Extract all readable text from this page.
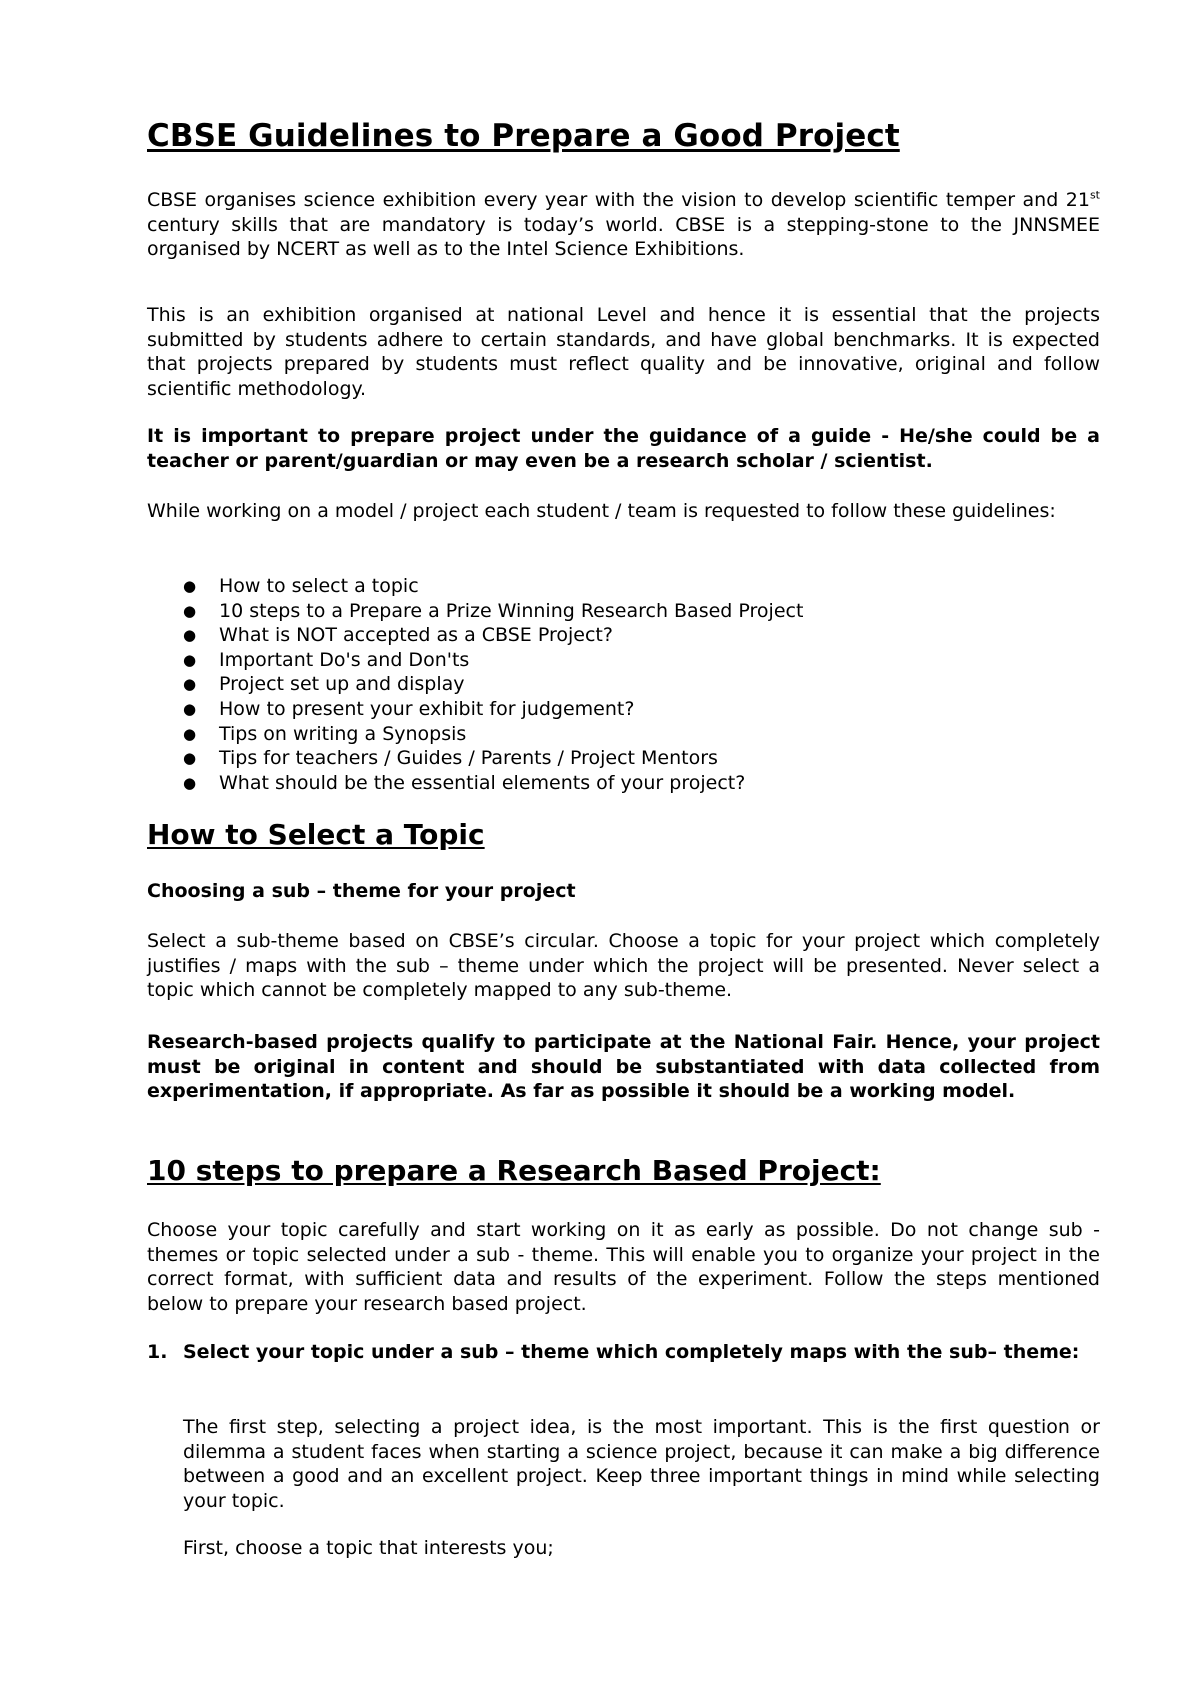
CBSE Guidelines to Prepare a Good Project

CBSE organises science exhibition every year with the vision to develop scientific temper and 21st century skills that are mandatory is today’s world. CBSE is a stepping-stone to the JNNSMEE organised by NCERT as well as to the Intel Science Exhibitions.

This is an exhibition organised at national Level and hence it is essential that the projects submitted by students adhere to certain standards, and have global benchmarks. It is expected that projects prepared by students must reflect quality and be innovative, original and follow scientific methodology.

It is important to prepare project under the guidance of a guide - He/she could be a teacher or parent/guardian or may even be a research scholar / scientist.

While working on a model / project each student / team is requested to follow these guidelines:

● How to select a topic
● 10 steps to a Prepare a Prize Winning Research Based Project
● What is NOT accepted as a CBSE Project?
● Important Do's and Don'ts
● Project set up and display
● How to present your exhibit for judgement?
● Tips on writing a Synopsis
● Tips for teachers / Guides / Parents / Project Mentors
● What should be the essential elements of your project?
How to Select a Topic
Choosing a sub – theme for your project

Select a sub-theme based on CBSE’s circular. Choose a topic for your project which completely justifies / maps with the sub – theme under which the project will be presented. Never select a topic which cannot be completely mapped to any sub-theme.

Research-based projects qualify to participate at the National Fair. Hence, your project must be original in content and should be substantiated with data collected from experimentation, if appropriate. As far as possible it should be a working model.

10 steps to prepare a Research Based Project:

Choose your topic carefully and start working on it as early as possible. Do not change sub - themes or topic selected under a sub - theme. This will enable you to organize your project in the correct format, with sufficient data and results of the experiment. Follow the steps mentioned below to prepare your research based project.

1. Select your topic under a sub – theme which completely maps with the sub– theme:

The first step, selecting a project idea, is the most important. This is the first question or dilemma a student faces when starting a science project, because it can make a big difference between a good and an excellent project. Keep three important things in mind while selecting your topic.

First, choose a topic that interests you;
